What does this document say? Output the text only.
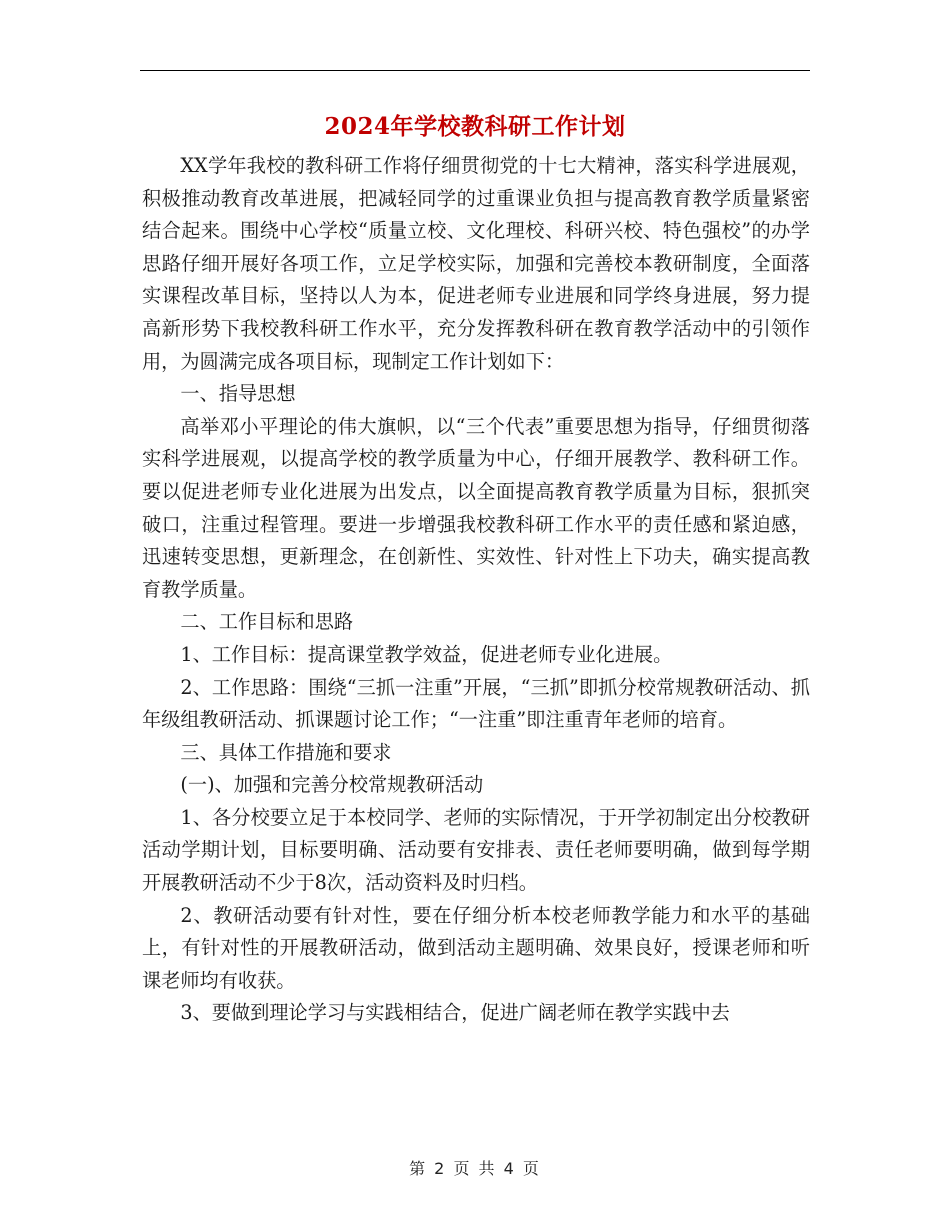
2024年学校教科研工作计划

XX学年我校的教科研工作将仔细贯彻党的十七大精神，落实科学进展观，积极推动教育改革进展，把减轻同学的过重课业负担与提高教育教学质量紧密结合起来。围绕中心学校“质量立校、文化理校、科研兴校、特色强校”的办学思路仔细开展好各项工作，立足学校实际，加强和完善校本教研制度，全面落实课程改革目标，坚持以人为本，促进老师专业进展和同学终身进展，努力提高新形势下我校教科研工作水平，充分发挥教科研在教育教学活动中的引领作用，为圆满完成各项目标，现制定工作计划如下：

一、指导思想

高举邓小平理论的伟大旗帜，以“三个代表”重要思想为指导，仔细贯彻落实科学进展观，以提高学校的教学质量为中心，仔细开展教学、教科研工作。要以促进老师专业化进展为出发点，以全面提高教育教学质量为目标，狠抓突破口，注重过程管理。要进一步增强我校教科研工作水平的责任感和紧迫感，迅速转变思想，更新理念，在创新性、实效性、针对性上下功夫，确实提高教育教学质量。

二、工作目标和思路

1、工作目标：提高课堂教学效益，促进老师专业化进展。

2、工作思路：围绕“三抓一注重”开展，“三抓”即抓分校常规教研活动、抓年级组教研活动、抓课题讨论工作；“一注重”即注重青年老师的培育。

三、具体工作措施和要求

(一)、加强和完善分校常规教研活动

1、各分校要立足于本校同学、老师的实际情况，于开学初制定出分校教研活动学期计划，目标要明确、活动要有安排表、责任老师要明确，做到每学期开展教研活动不少于8次，活动资料及时归档。

2、教研活动要有针对性，要在仔细分析本校老师教学能力和水平的基础上，有针对性的开展教研活动，做到活动主题明确、效果良好，授课老师和听课老师均有收获。

3、要做到理论学习与实践相结合，促进广阔老师在教学实践中去

第 2 页 共 4 页
